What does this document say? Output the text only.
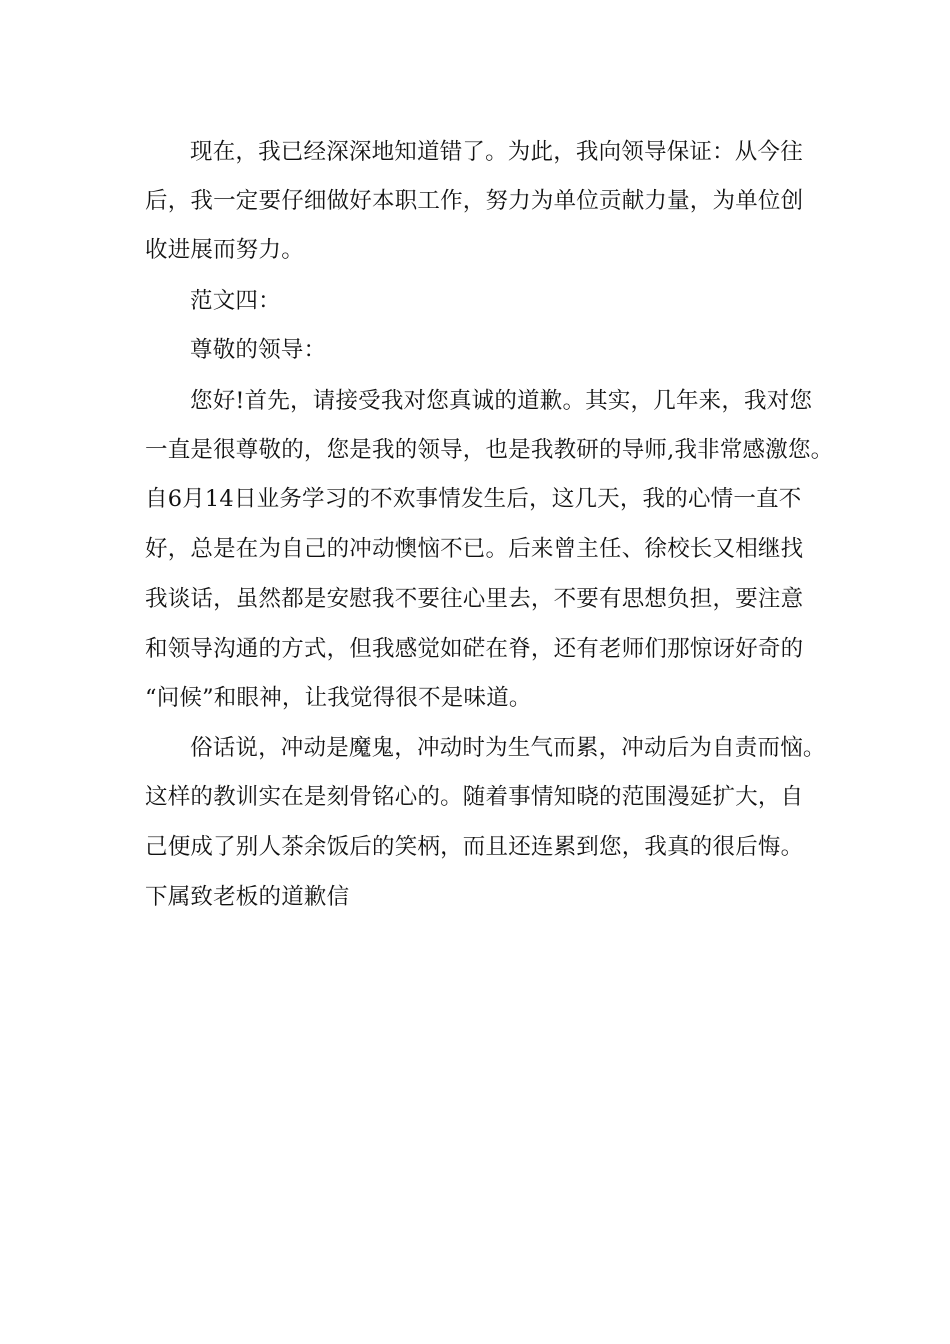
现在，我已经深深地知道错了。为此，我向领导保证：从今往
后，我一定要仔细做好本职工作，努力为单位贡献力量，为单位创
收进展而努力。
范文四：
尊敬的领导：
您好!首先，请接受我对您真诚的道歉。其实，几年来，我对您
一直是很尊敬的，您是我的领导，也是我教研的导师,我非常感激您。
自6月14日业务学习的不欢事情发生后，这几天，我的心情一直不
好，总是在为自己的冲动懊恼不已。后来曾主任、徐校长又相继找
我谈话，虽然都是安慰我不要往心里去，不要有思想负担，要注意
和领导沟通的方式，但我感觉如硭在脊，还有老师们那惊讶好奇的
“问候”和眼神，让我觉得很不是味道。
俗话说，冲动是魔鬼，冲动时为生气而累，冲动后为自责而恼。
这样的教训实在是刻骨铭心的。随着事情知晓的范围漫延扩大，自
己便成了别人茶余饭后的笑柄，而且还连累到您，我真的很后悔。
下属致老板的道歉信
